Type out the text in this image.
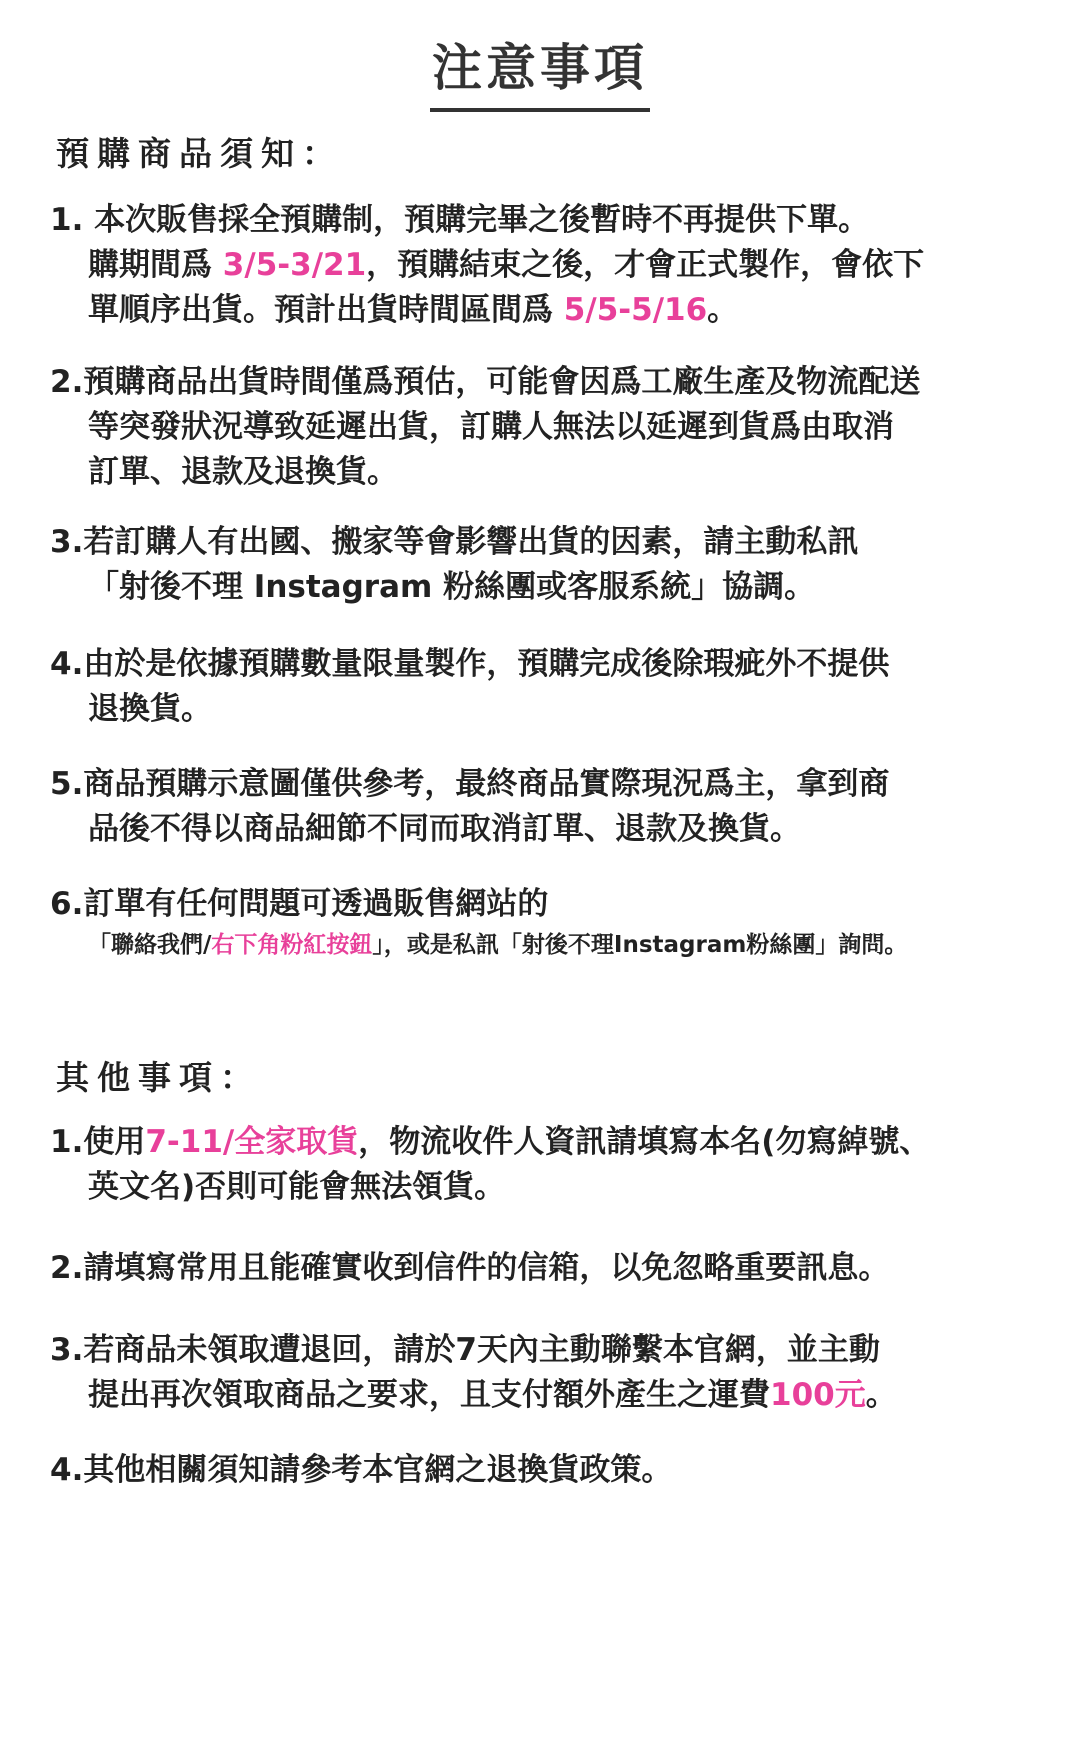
注意事項
預購商品須知：
1. 本次販售採全預購制，預購完畢之後暫時不再提供下單。
購期間爲 3/5-3/21，預購結束之後，才會正式製作，會依下
單順序出貨。預計出貨時間區間爲 5/5-5/16。
2.預購商品出貨時間僅爲預估，可能會因爲工廠生產及物流配送
等突發狀況導致延遲出貨，訂購人無法以延遲到貨爲由取消
訂單、退款及退換貨。
3.若訂購人有出國、搬家等會影響出貨的因素，請主動私訊
「射後不理 Instagram 粉絲團或客服系統」協調。
4.由於是依據預購數量限量製作，預購完成後除瑕疵外不提供
退換貨。
5.商品預購示意圖僅供參考，最終商品實際現況爲主，拿到商
品後不得以商品細節不同而取消訂單、退款及換貨。
6.訂單有任何問題可透過販售網站的
「聯絡我們/右下角粉紅按鈕」，或是私訊「射後不理Instagram粉絲團」詢問。
其他事項：
1.使用7-11/全家取貨，物流收件人資訊請填寫本名(勿寫綽號、
英文名)否則可能會無法領貨。
2.請填寫常用且能確實收到信件的信箱，以免忽略重要訊息。
3.若商品未領取遭退回，請於7天內主動聯繫本官網，並主動
提出再次領取商品之要求，且支付額外產生之運費100元。
4.其他相關須知請參考本官網之退換貨政策。
